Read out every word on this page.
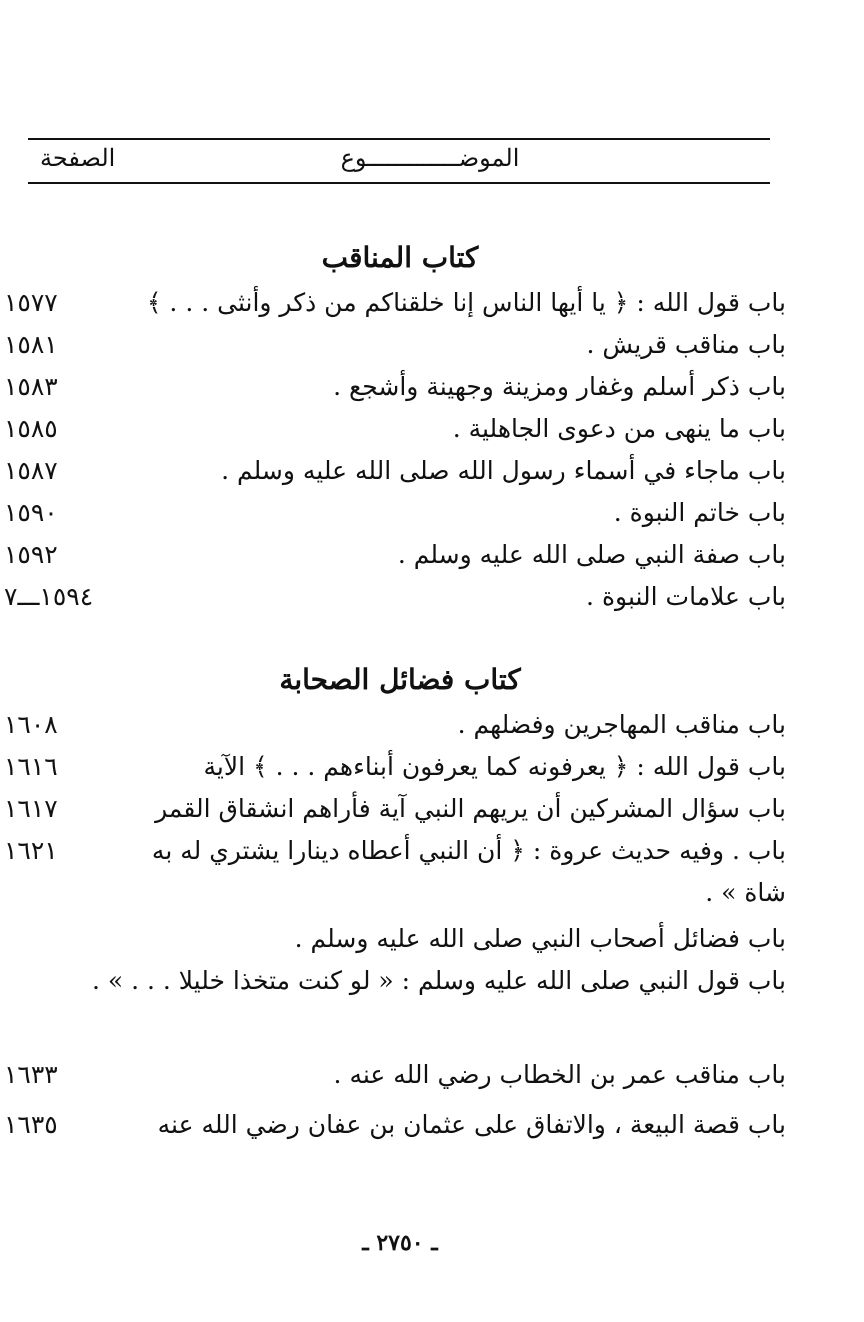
الموضـــــــــــــوع
الصفحة
كتاب المناقب
باب قول الله : ﴿ يا أيها الناس إنا خلقناكم من ذكر وأنثى . . . ﴾
١٥٧٧
باب مناقب قريش .
١٥٨١
باب ذكر أسلم وغفار ومزينة وجهينة وأشجع .
١٥٨٣
باب ما ينهى من دعوى الجاهلية .
١٥٨٥
باب ماجاء في أسماء رسول الله صلى الله عليه وسلم .
١٥٨٧
باب خاتم النبوة .
١٥٩٠
باب صفة النبي صلى الله عليه وسلم .
١٥٩٢
باب علامات النبوة .
١٥٩٤ـــ٧
كتاب فضائل الصحابة
باب مناقب المهاجرين وفضلهم .
١٦٠٨
باب قول الله : ﴿ يعرفونه كما يعرفون أبناءهم . . . ﴾ الآية
١٦١٦
باب سؤال المشركين أن يريهم النبي آية فأراهم انشقاق القمر
١٦١٧
باب . وفيه حديث عروة : ﴿ أن النبي أعطاه دينارا يشتري له به شاة » .
١٦٢١
باب فضائل أصحاب النبي صلى الله عليه وسلم .
باب قول النبي صلى الله عليه وسلم : « لو كنت متخذا خليلا . . . » .
باب مناقب عمر بن الخطاب رضي الله عنه .
١٦٣٣
باب قصة البيعة ، والاتفاق على عثمان بن عفان رضي الله عنه
١٦٣٥
ـ ٢٧٥٠ ـ
